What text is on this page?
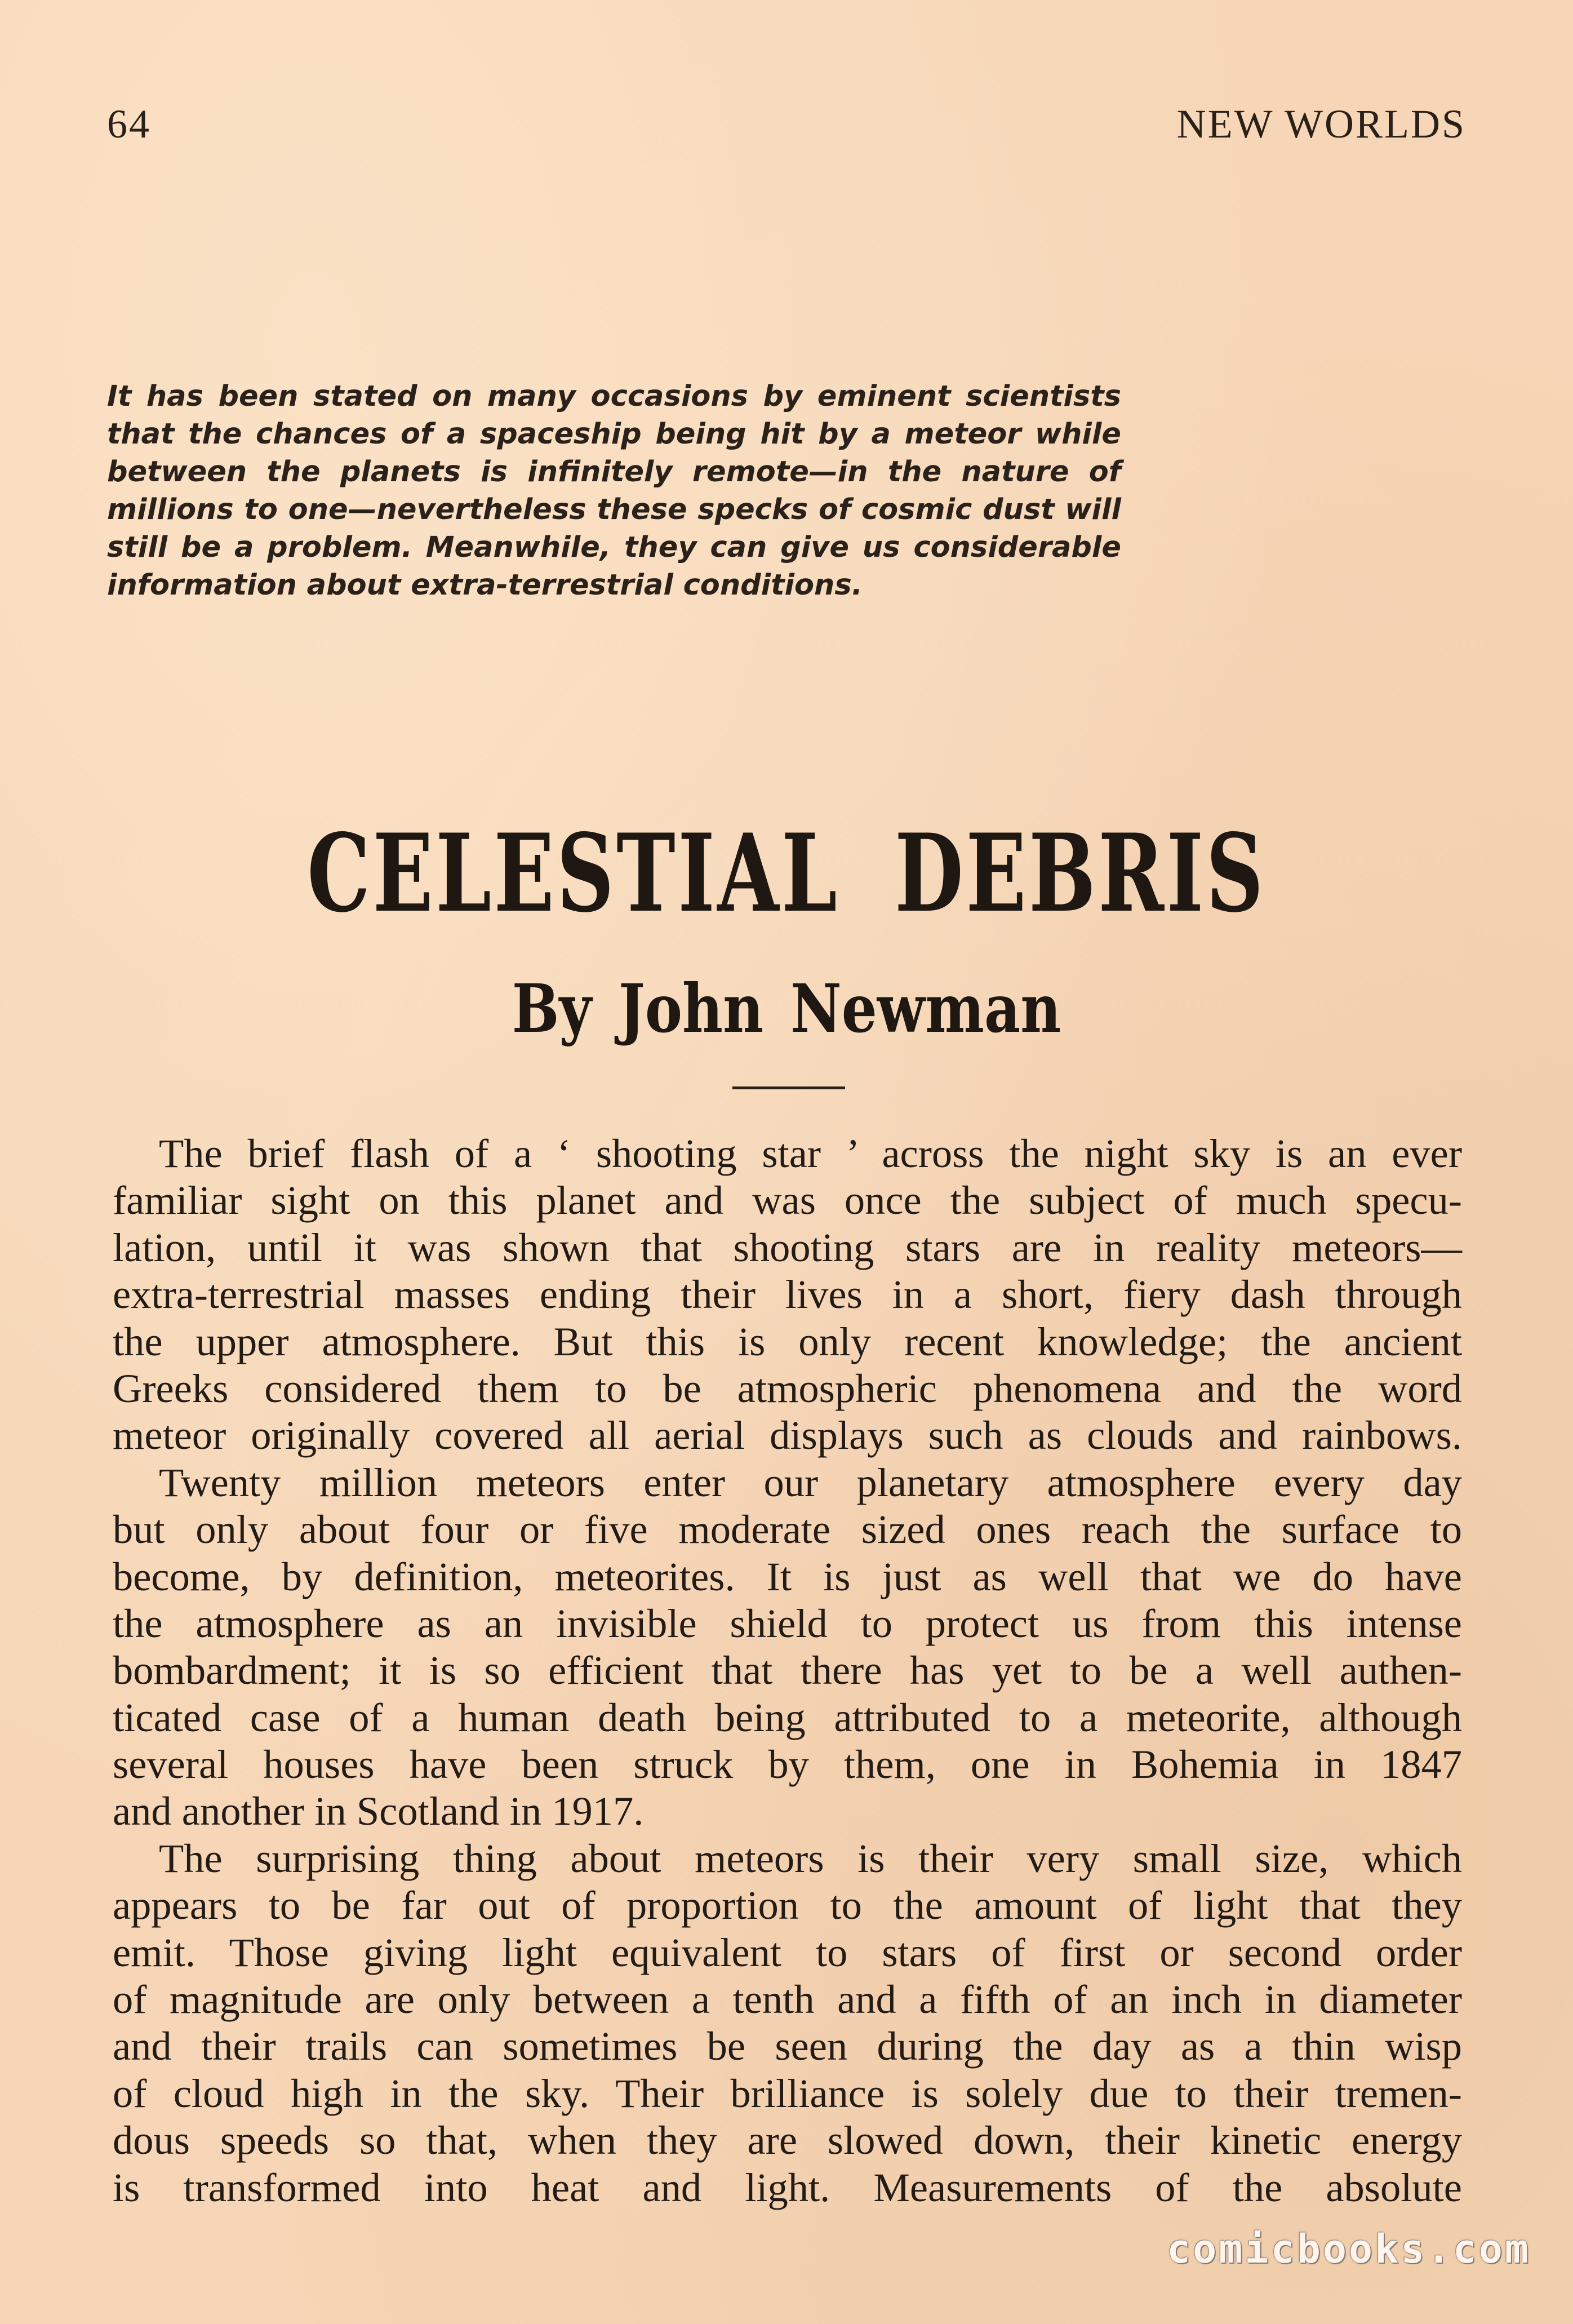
64	NEW WORLDS

It has been stated on many occasions by eminent scientists that the chances of a spaceship being hit by a meteor while between the planets is infinitely remote—in the nature of millions to one—nevertheless these specks of cosmic dust will still be a problem. Meanwhile, they can give us considerable information about extra-terrestrial conditions.

CELESTIAL DEBRIS
By John Newman
The brief flash of a ‘ shooting star ’ across the night sky is an ever
familiar sight on this planet and was once the subject of much specu-
lation, until it was shown that shooting stars are in reality meteors—
extra-terrestrial masses ending their lives in a short, fiery dash through
the upper atmosphere. But this is only recent knowledge; the ancient
Greeks considered them to be atmospheric phenomena and the word
meteor originally covered all aerial displays such as clouds and rainbows.
Twenty million meteors enter our planetary atmosphere every day
but only about four or five moderate sized ones reach the surface to
become, by definition, meteorites. It is just as well that we do have
the atmosphere as an invisible shield to protect us from this intense
bombardment; it is so efficient that there has yet to be a well authen-
ticated case of a human death being attributed to a meteorite, although
several houses have been struck by them, one in Bohemia in 1847
and another in Scotland in 1917.
The surprising thing about meteors is their very small size, which
appears to be far out of proportion to the amount of light that they
emit. Those giving light equivalent to stars of first or second order
of magnitude are only between a tenth and a fifth of an inch in diameter
and their trails can sometimes be seen during the day as a thin wisp
of cloud high in the sky. Their brilliance is solely due to their tremen-
dous speeds so that, when they are slowed down, their kinetic energy
is transformed into heat and light. Measurements of the absolute
comicbooks.com
